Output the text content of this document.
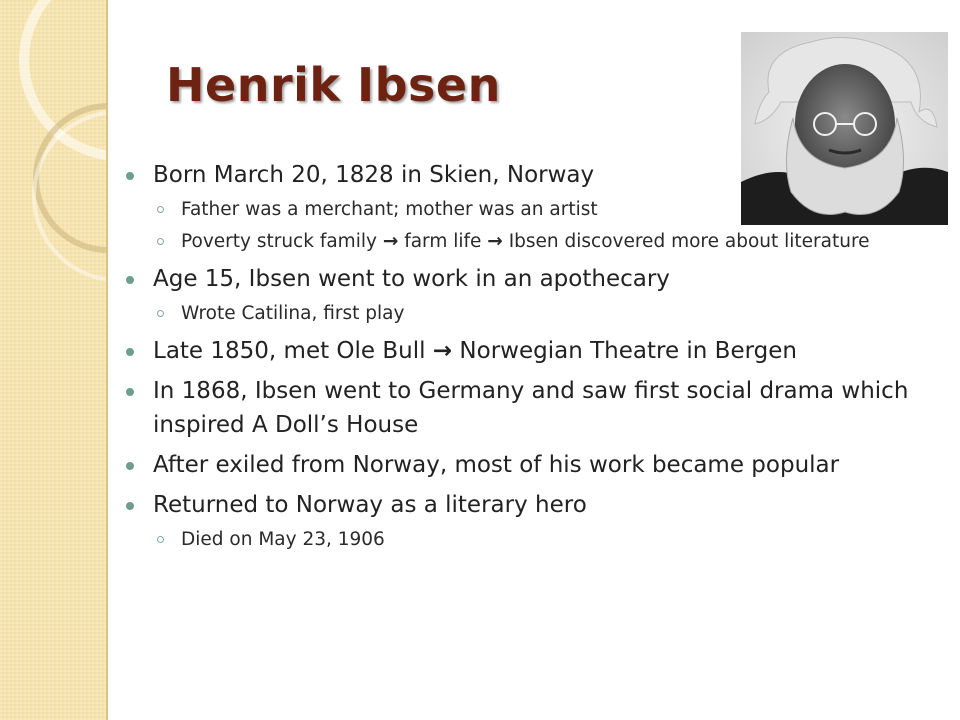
Henrik Ibsen
Born March 20, 1828 in Skien, Norway
Father was a merchant; mother was an artist
Poverty struck family → farm life → Ibsen discovered more about literature
Age 15, Ibsen went to work in an apothecary
Wrote Catilina, first play
Late 1850, met Ole Bull → Norwegian Theatre in Bergen
In 1868, Ibsen went to Germany and saw first social drama which inspired A Doll’s House
After exiled from Norway, most of his work became popular
Returned to Norway as a literary hero
Died on May 23, 1906
